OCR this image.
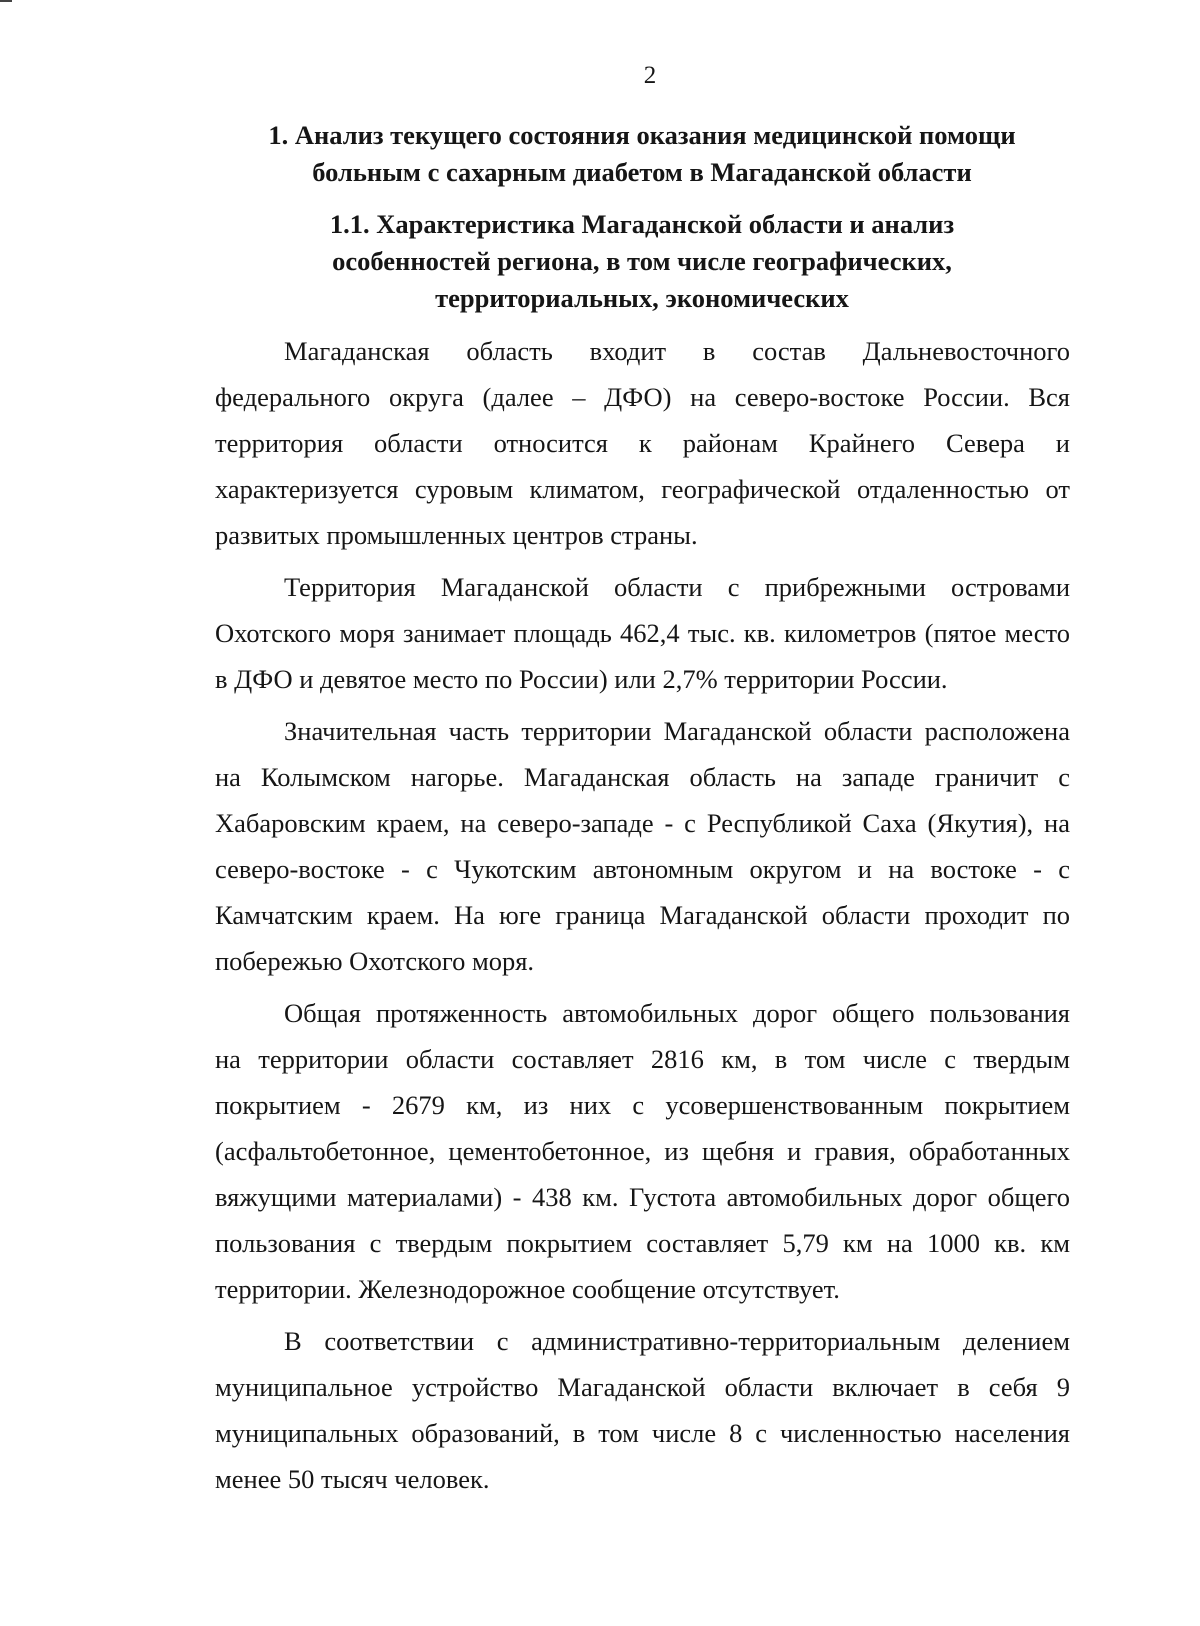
2
1. Анализ текущего состояния оказания медицинской помощи
больным с сахарным диабетом в Магаданской области
1.1. Характеристика Магаданской области и анализ
особенностей региона, в том числе географических,
территориальных, экономических
Магаданская область входит в состав Дальневосточного
федерального округа (далее – ДФО) на северо-востоке России. Вся
территория области относится к районам Крайнего Севера и
характеризуется суровым климатом, географической отдаленностью от
развитых промышленных центров страны.
Территория Магаданской области с прибрежными островами
Охотского моря занимает площадь 462,4 тыс. кв. километров (пятое место
в ДФО и девятое место по России) или 2,7% территории России.
Значительная часть территории Магаданской области расположена
на Колымском нагорье. Магаданская область на западе граничит с
Хабаровским краем, на северо-западе - с Республикой Саха (Якутия), на
северо-востоке - с Чукотским автономным округом и на востоке - с
Камчатским краем. На юге граница Магаданской области проходит по
побережью Охотского моря.
Общая протяженность автомобильных дорог общего пользования
на территории области составляет 2816 км, в том числе с твердым
покрытием - 2679 км, из них с усовершенствованным покрытием
(асфальтобетонное, цементобетонное, из щебня и гравия, обработанных
вяжущими материалами) - 438 км. Густота автомобильных дорог общего
пользования с твердым покрытием составляет 5,79 км на 1000 кв. км
территории. Железнодорожное сообщение отсутствует.
В соответствии с административно-территориальным делением
муниципальное устройство Магаданской области включает в себя 9
муниципальных образований, в том числе 8 с численностью населения
менее 50 тысяч человек.
